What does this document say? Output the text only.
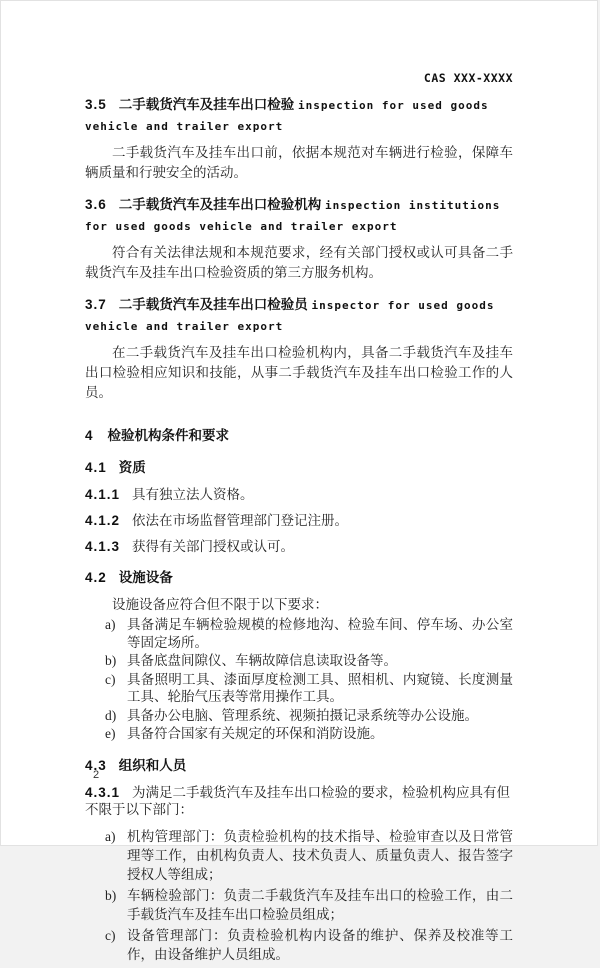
CAS XXX-XXXX
3.5 二手载货汽车及挂车出口检验 inspection for used goods vehicle and trailer export

二手载货汽车及挂车出口前，依据本规范对车辆进行检验，保障车辆质量和行驶安全的活动。

3.6 二手载货汽车及挂车出口检验机构 inspection institutions for used goods vehicle and trailer export

符合有关法律法规和本规范要求，经有关部门授权或认可具备二手载货汽车及挂车出口检验资质的第三方服务机构。

3.7 二手载货汽车及挂车出口检验员 inspector for used goods vehicle and trailer export

在二手载货汽车及挂车出口检验机构内，具备二手载货汽车及挂车出口检验相应知识和技能，从事二手载货汽车及挂车出口检验工作的人员。

4 检验机构条件和要求
4.1 资质

4.1.1 具有独立法人资格。

4.1.2 依法在市场监督管理部门登记注册。

4.1.3 获得有关部门授权或认可。

4.2 设施设备

设施设备应符合但不限于以下要求：

a) 具备满足车辆检验规模的检修地沟、检验车间、停车场、办公室等固定场所。
b) 具备底盘间隙仪、车辆故障信息读取设备等。
c) 具备照明工具、漆面厚度检测工具、照相机、内窥镜、长度测量工具、轮胎气压表等常用操作工具。
d) 具备办公电脑、管理系统、视频拍摄记录系统等办公设施。
e) 具备符合国家有关规定的环保和消防设施。
4.3 组织和人员

4.3.1 为满足二手载货汽车及挂车出口检验的要求，检验机构应具有但不限于以下部门：

a) 机构管理部门：负责检验机构的技术指导、检验审查以及日常管理等工作，由机构负责人、技术负责人、质量负责人、报告签字授权人等组成；
b) 车辆检验部门：负责二手载货汽车及挂车出口的检验工作，由二手载货汽车及挂车出口检验员组成；
c) 设备管理部门：负责检验机构内设备的维护、保养及校准等工作，由设备维护人员组成。
2
